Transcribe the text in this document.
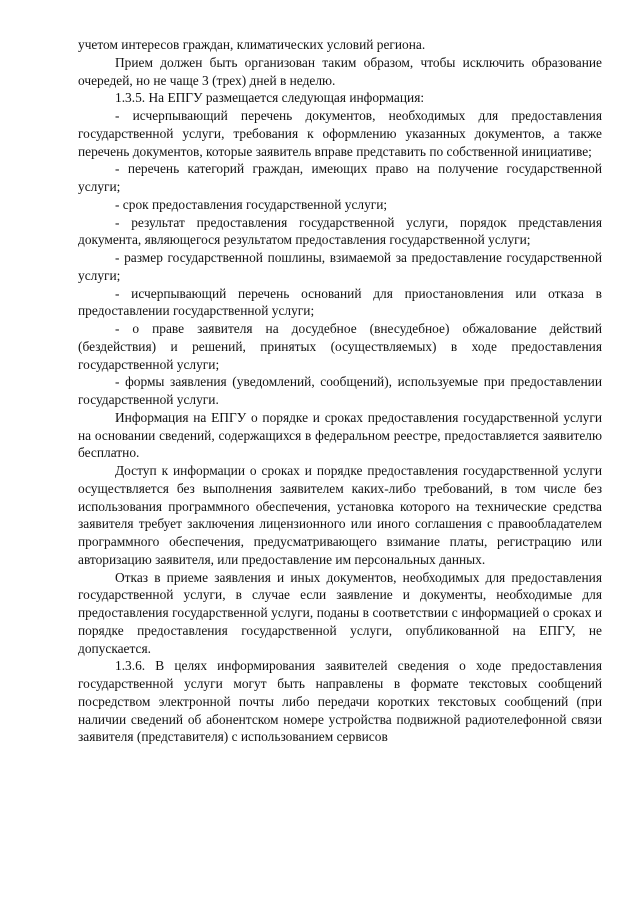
учетом интересов граждан, климатических условий региона.

Прием должен быть организован таким образом, чтобы исключить образование очередей, но не чаще 3 (трех) дней в неделю.

1.3.5. На ЕПГУ размещается следующая информация:

- исчерпывающий перечень документов, необходимых для предоставления государственной услуги, требования к оформлению указанных документов, а также перечень документов, которые заявитель вправе представить по собственной инициативе;

- перечень категорий граждан, имеющих право на получение государственной услуги;

- срок предоставления государственной услуги;

- результат предоставления государственной услуги, порядок представления документа, являющегося результатом предоставления государственной услуги;

- размер государственной пошлины, взимаемой за предоставление государственной услуги;

- исчерпывающий перечень оснований для приостановления или отказа в предоставлении государственной услуги;

- о праве заявителя на досудебное (внесудебное) обжалование действий (бездействия) и решений, принятых (осуществляемых) в ходе предоставления государственной услуги;

- формы заявления (уведомлений, сообщений), используемые при предоставлении государственной услуги.

Информация на ЕПГУ о порядке и сроках предоставления государственной услуги на основании сведений, содержащихся в федеральном реестре, предоставляется заявителю бесплатно.

Доступ к информации о сроках и порядке предоставления государственной услуги осуществляется без выполнения заявителем каких-либо требований, в том числе без использования программного обеспечения, установка которого на технические средства заявителя требует заключения лицензионного или иного соглашения с правообладателем программного обеспечения, предусматривающего взимание платы, регистрацию или авторизацию заявителя, или предоставление им персональных данных.

Отказ в приеме заявления и иных документов, необходимых для предоставления государственной услуги, в случае если заявление и документы, необходимые для предоставления государственной услуги, поданы в соответствии с информацией о сроках и порядке предоставления государственной услуги, опубликованной на ЕПГУ, не допускается.

1.3.6. В целях информирования заявителей сведения о ходе предоставления государственной услуги могут быть направлены в формате текстовых сообщений посредством электронной почты либо передачи коротких текстовых сообщений (при наличии сведений об абонентском номере устройства подвижной радиотелефонной связи заявителя (представителя) с использованием сервисов
